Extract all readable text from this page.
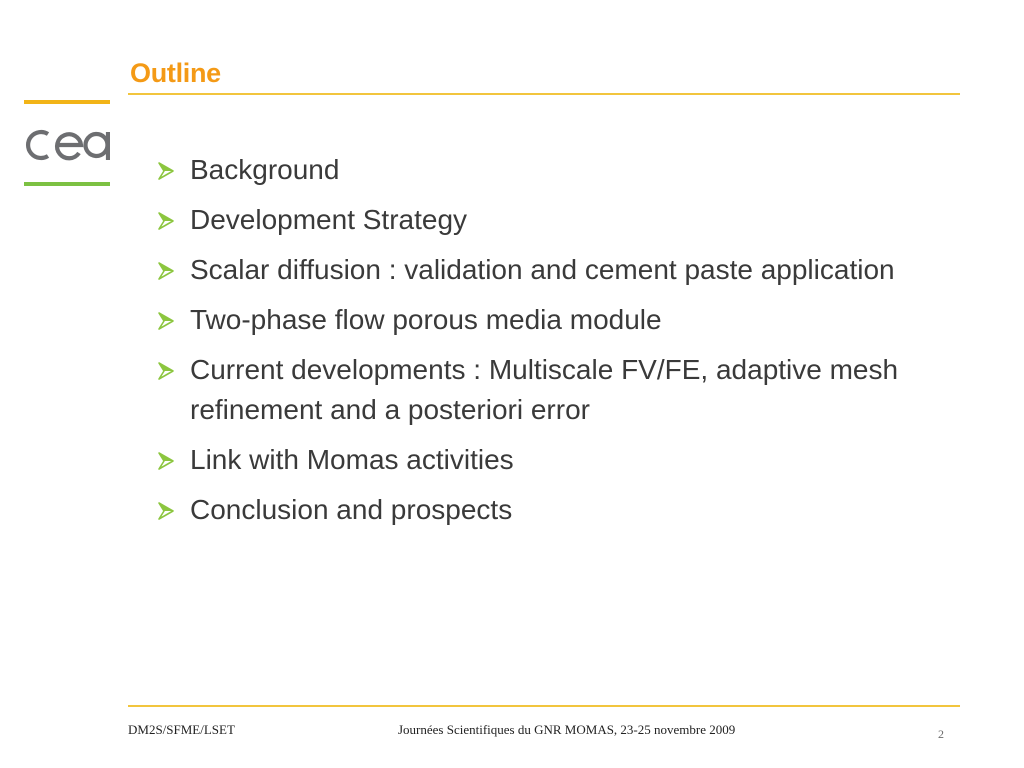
Outline
Background
Development Strategy
Scalar diffusion : validation and cement paste application
Two-phase flow porous media module
Current developments : Multiscale FV/FE, adaptive mesh refinement and a posteriori error
Link with Momas activities
Conclusion and prospects
DM2S/SFME/LSET	Journées Scientifiques du GNR MOMAS, 23-25 novembre 2009	2
